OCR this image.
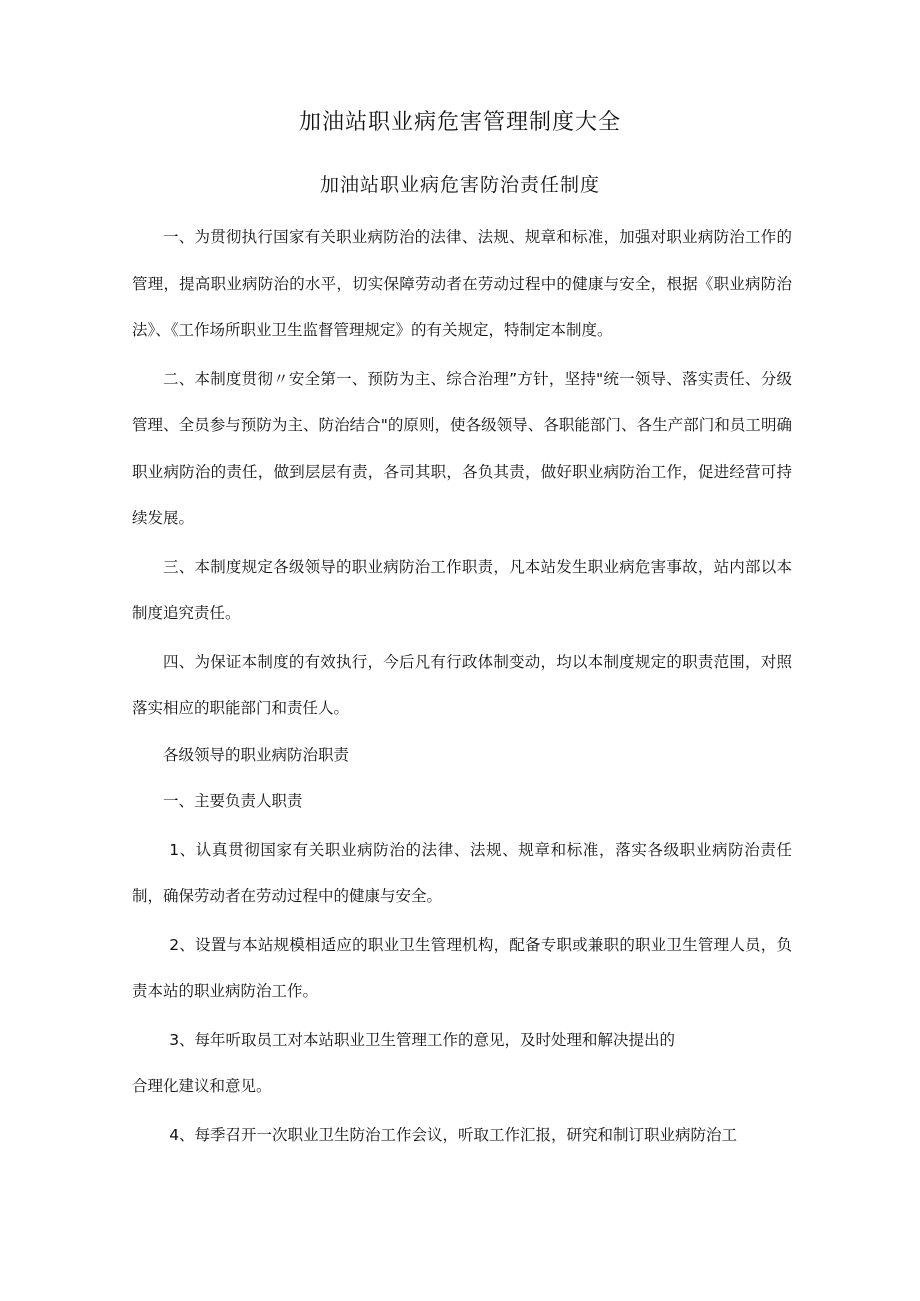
加油站职业病危害管理制度大全
加油站职业病危害防治责任制度

一、为贯彻执行国家有关职业病防治的法律、法规、规章和标准，加强对职业病防治工作的管理，提高职业病防治的水平，切实保障劳动者在劳动过程中的健康与安全，根据《职业病防治法》、《工作场所职业卫生监督管理规定》的有关规定，特制定本制度。

二、本制度贯彻〃安全第一、预防为主、综合治理”方针，坚持"统一领导、落实责任、分级管理、全员参与预防为主、防治结合"的原则，使各级领导、各职能部门、各生产部门和员工明确职业病防治的责任，做到层层有责，各司其职，各负其责，做好职业病防治工作，促进经营可持续发展。

三、本制度规定各级领导的职业病防治工作职责，凡本站发生职业病危害事故，站内部以本制度追究责任。

四、为保证本制度的有效执行，今后凡有行政体制变动，均以本制度规定的职责范围，对照落实相应的职能部门和责任人。

各级领导的职业病防治职责

一、主要负责人职责

1、认真贯彻国家有关职业病防治的法律、法规、规章和标准，落实各级职业病防治责任制，确保劳动者在劳动过程中的健康与安全。

2、设置与本站规模相适应的职业卫生管理机构，配备专职或兼职的职业卫生管理人员，负责本站的职业病防治工作。

3、每年听取员工对本站职业卫生管理工作的意见，及时处理和解决提出的

合理化建议和意见。

4、每季召开一次职业卫生防治工作会议，听取工作汇报，研究和制订职业病防治工
